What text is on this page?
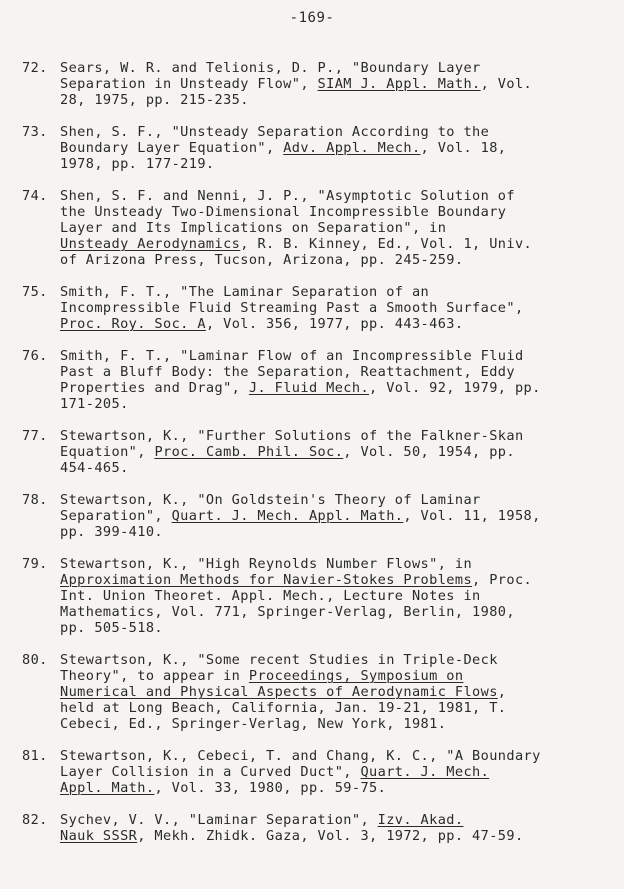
-169-
72. Sears, W. R. and Telionis, D. P., "Boundary Layer
Separation in Unsteady Flow", SIAM J. Appl. Math., Vol.
28, 1975, pp. 215-235.
73. Shen, S. F., "Unsteady Separation According to the
Boundary Layer Equation", Adv. Appl. Mech., Vol. 18,
1978, pp. 177-219.
74. Shen, S. F. and Nenni, J. P., "Asymptotic Solution of
the Unsteady Two-Dimensional Incompressible Boundary
Layer and Its Implications on Separation", in
Unsteady Aerodynamics, R. B. Kinney, Ed., Vol. 1, Univ.
of Arizona Press, Tucson, Arizona, pp. 245-259.
75. Smith, F. T., "The Laminar Separation of an
Incompressible Fluid Streaming Past a Smooth Surface",
Proc. Roy. Soc. A, Vol. 356, 1977, pp. 443-463.
76. Smith, F. T., "Laminar Flow of an Incompressible Fluid
Past a Bluff Body: the Separation, Reattachment, Eddy
Properties and Drag", J. Fluid Mech., Vol. 92, 1979, pp.
171-205.
77. Stewartson, K., "Further Solutions of the Falkner-Skan
Equation", Proc. Camb. Phil. Soc., Vol. 50, 1954, pp.
454-465.
78. Stewartson, K., "On Goldstein's Theory of Laminar
Separation", Quart. J. Mech. Appl. Math., Vol. 11, 1958,
pp. 399-410.
79. Stewartson, K., "High Reynolds Number Flows", in
Approximation Methods for Navier-Stokes Problems, Proc.
Int. Union Theoret. Appl. Mech., Lecture Notes in
Mathematics, Vol. 771, Springer-Verlag, Berlin, 1980,
pp. 505-518.
80. Stewartson, K., "Some recent Studies in Triple-Deck
Theory", to appear in Proceedings, Symposium on
Numerical and Physical Aspects of Aerodynamic Flows,
held at Long Beach, California, Jan. 19-21, 1981, T.
Cebeci, Ed., Springer-Verlag, New York, 1981.
81. Stewartson, K., Cebeci, T. and Chang, K. C., "A Boundary
Layer Collision in a Curved Duct", Quart. J. Mech.
Appl. Math., Vol. 33, 1980, pp. 59-75.
82. Sychev, V. V., "Laminar Separation", Izv. Akad.
Nauk SSSR, Mekh. Zhidk. Gaza, Vol. 3, 1972, pp. 47-59.
